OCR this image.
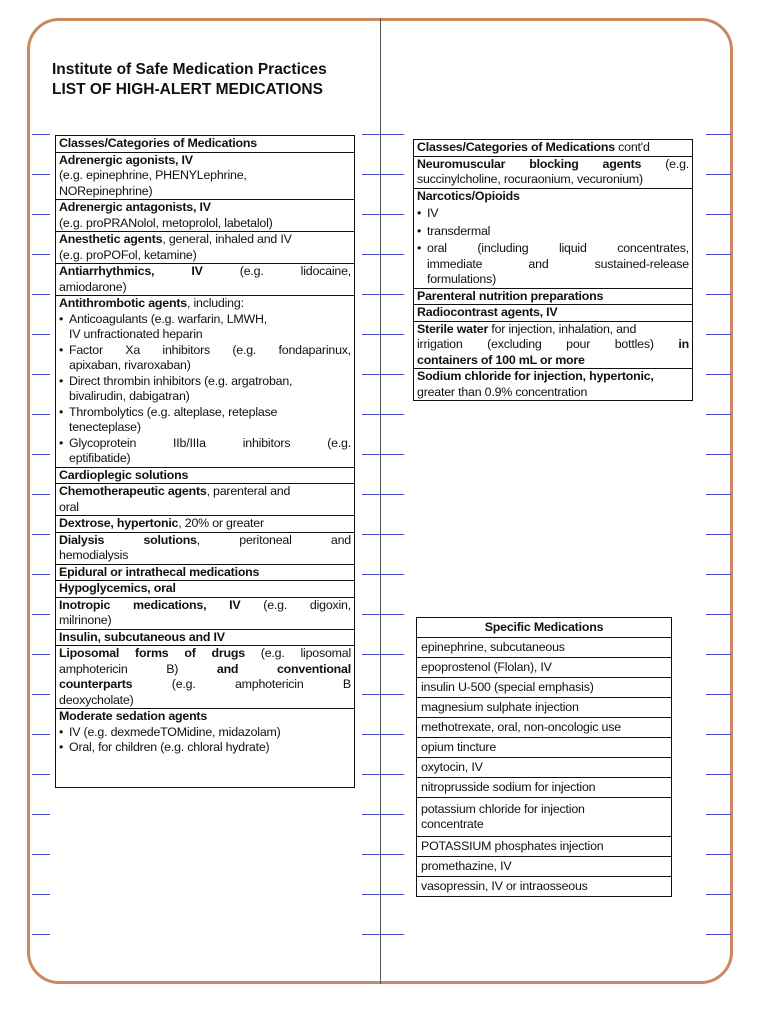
Institute of Safe Medication Practices
LIST OF HIGH-ALERT MEDICATIONS
Classes/Categories of Medications

Adrenergic agonists, IV
(e.g. epinephrine, PHENYLephrine,
NORepinephrine)

Adrenergic antagonists, IV
(e.g. proPRANolol, metoprolol, labetalol)

Anesthetic agents, general, inhaled and IV
(e.g. proPOFol, ketamine)

Antiarrhythmics, IV	(e.g. lidocaine,
amiodarone)

Antithrombotic agents, including:
• Anticoagulants (e.g. warfarin, LMWH,
IV unfractionated heparin
• Factor Xa inhibitors (e.g. fondaparinux,
apixaban, rivaroxaban)
• Direct thrombin inhibitors (e.g. argatroban,
bivalirudin, dabigatran)
• Thrombolytics (e.g. alteplase, reteplase
tenecteplase)
• Glycoprotein IIb/IIIa inhibitors (e.g.
eptifibatide)

Cardioplegic solutions

Chemotherapeutic agents, parenteral and
oral

Dextrose, hypertonic, 20% or greater

Dialysis solutions, peritoneal and
hemodialysis

Epidural or intrathecal medications
Hypoglycemics, oral

Inotropic medications, IV (e.g. digoxin,
milrinone)

Insulin, subcutaneous and IV

Liposomal forms of drugs (e.g. liposomal
amphotericin B)	and conventional
counterparts	(e.g. amphotericin B
deoxycholate)

Moderate sedation agents
• IV (e.g. dexmedeTOMidine, midazolam)
• Oral, for children (e.g. chloral hydrate)
Classes/Categories of Medications cont'd

Neuromuscular blocking agents (e.g.
succinylcholine, rocuraonium, vecuronium)

Narcotics/Opioids
• IV
• transdermal
• oral (including liquid concentrates,
immediate and sustained-release
formulations)

Parenteral nutrition preparations
Radiocontrast agents, IV

Sterile water for injection, inhalation, and
irrigation (excluding pour bottles) in
containers of 100 mL or more

Sodium chloride for injection, hypertonic,
greater than 0.9% concentration
Specific Medications
epinephrine, subcutaneous
epoprostenol (Flolan), IV
insulin U-500 (special emphasis)
magnesium sulphate injection
methotrexate, oral, non-oncologic use
opium tincture
oxytocin, IV
nitroprusside sodium for injection

potassium chloride for injection
concentrate

POTASSIUM phosphates injection
promethazine, IV
vasopressin, IV or intraosseous
